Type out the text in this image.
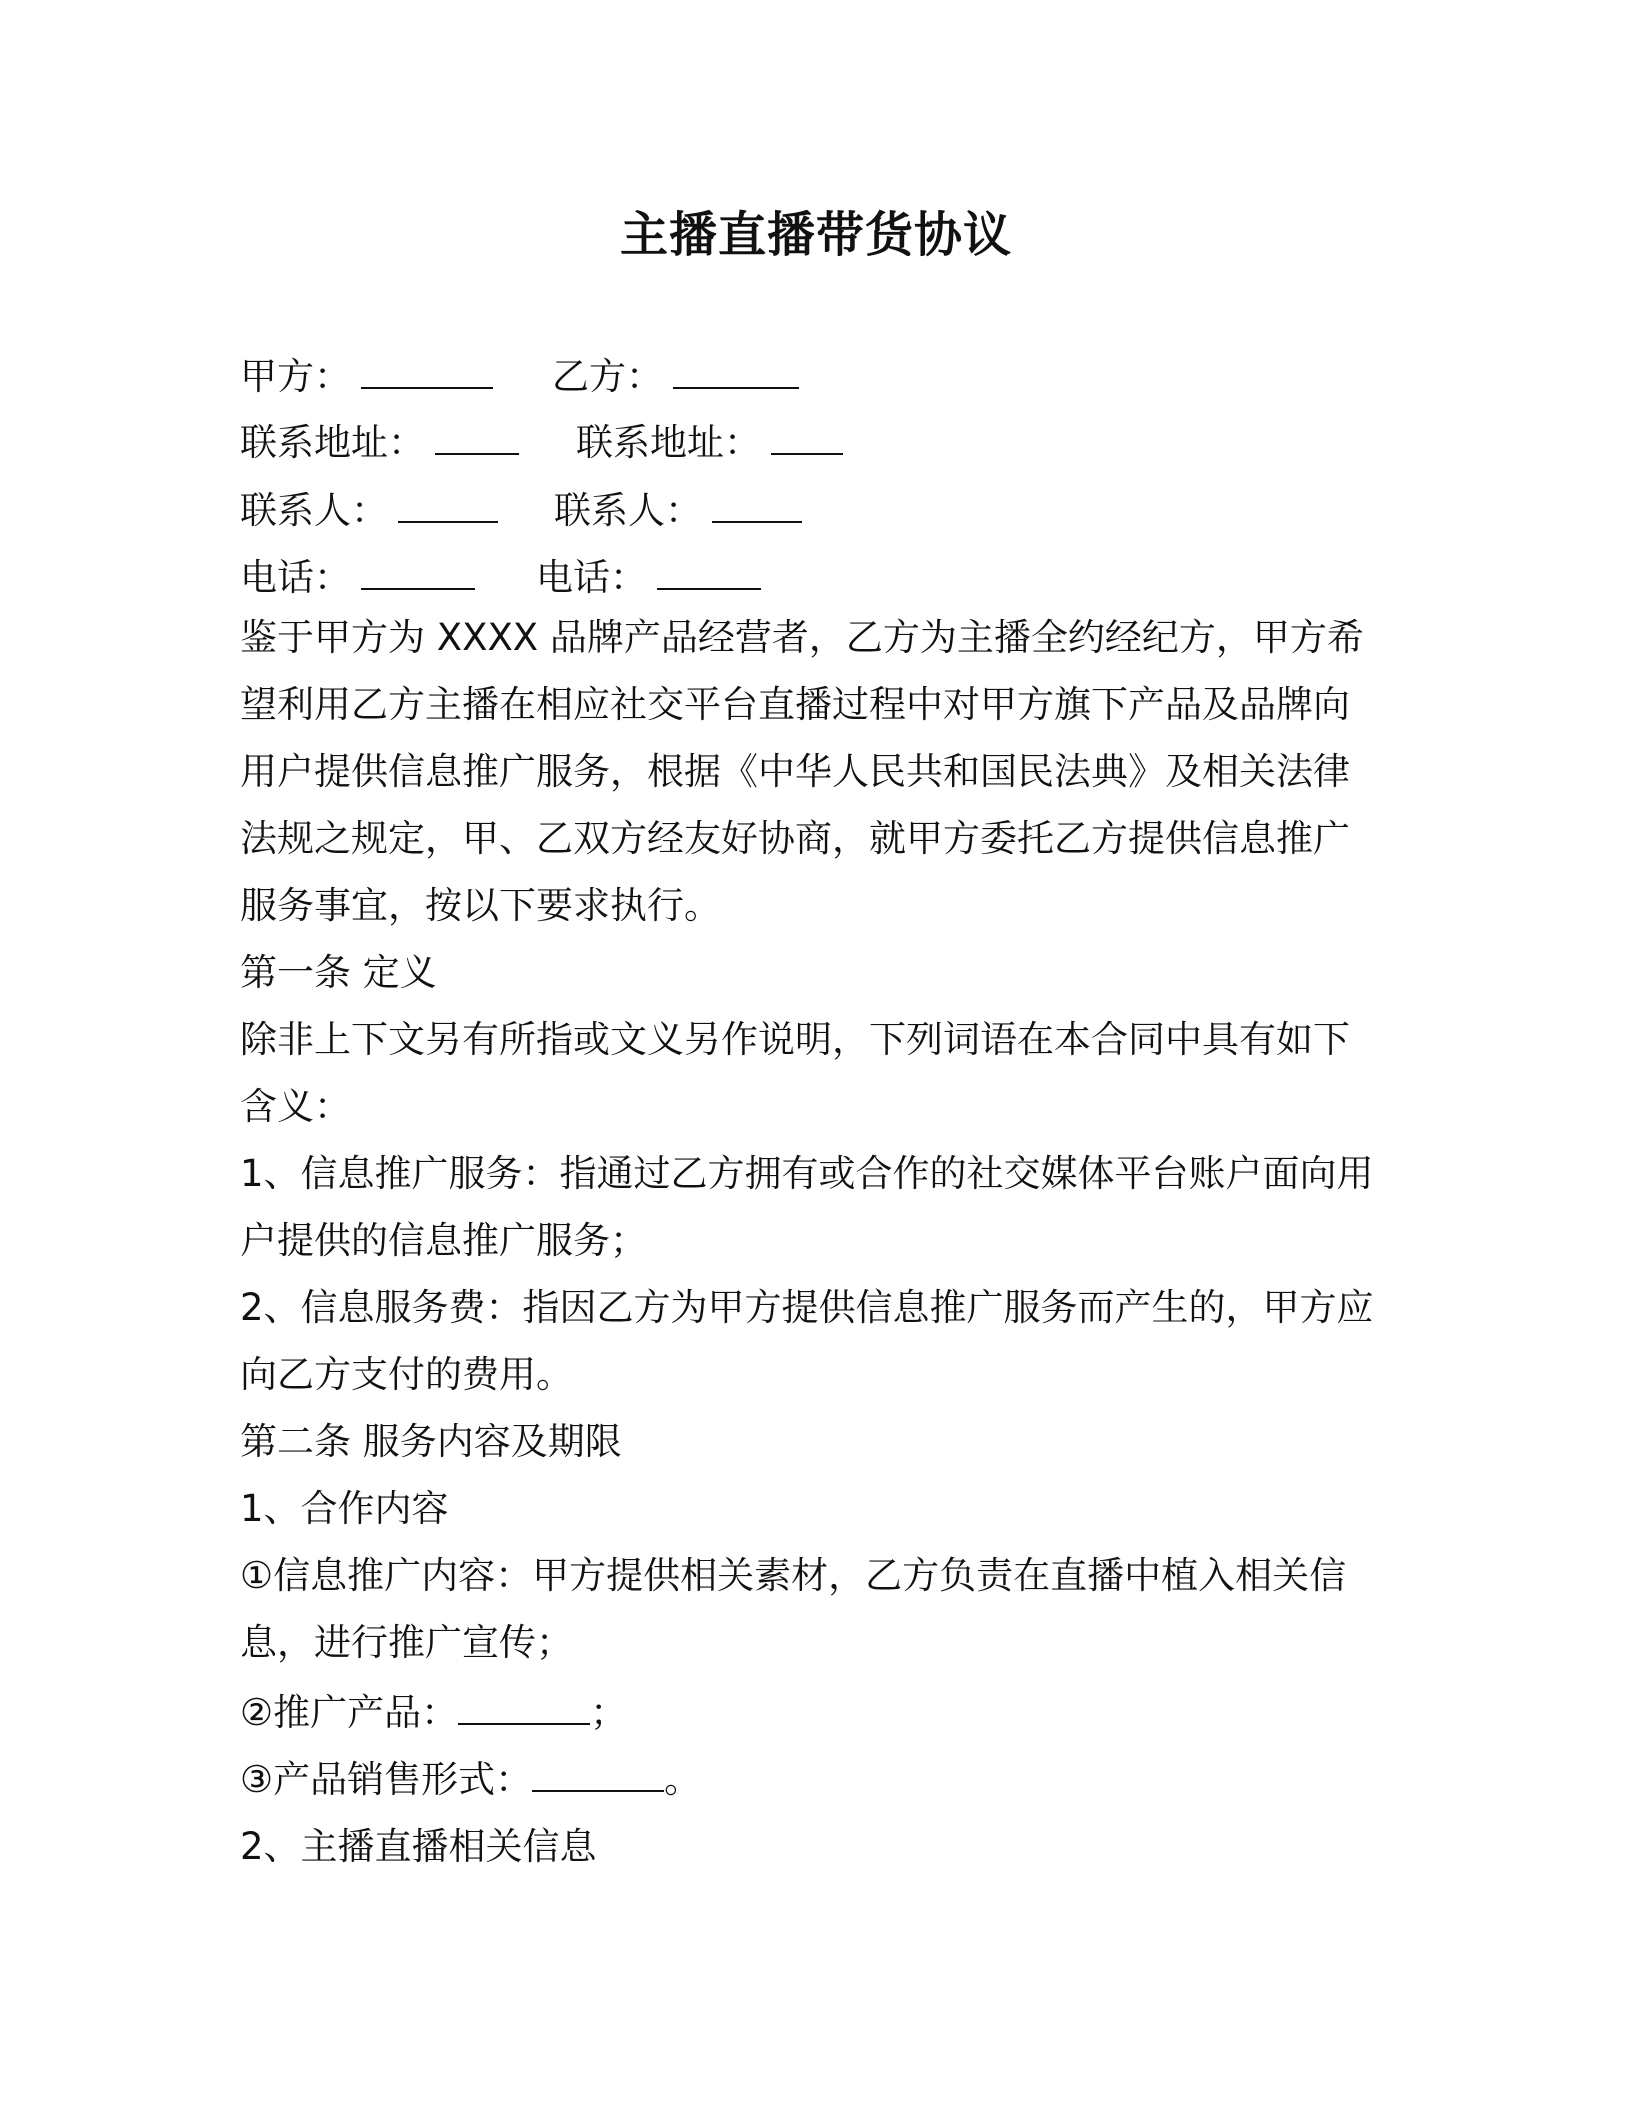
主播直播带货协议
甲方：	乙方：
联系地址：	联系地址：
联系人：	联系人：
电话：	电话：
鉴于甲方为 XXXX 品牌产品经营者，乙方为主播全约经纪方，甲方希
望利用乙方主播在相应社交平台直播过程中对甲方旗下产品及品牌向
用户提供信息推广服务，根据《中华人民共和国民法典》及相关法律
法规之规定，甲、乙双方经友好协商，就甲方委托乙方提供信息推广
服务事宜，按以下要求执行。
第一条 定义
除非上下文另有所指或文义另作说明，下列词语在本合同中具有如下
含义：
1、信息推广服务：指通过乙方拥有或合作的社交媒体平台账户面向用
户提供的信息推广服务；
2、信息服务费：指因乙方为甲方提供信息推广服务而产生的，甲方应
向乙方支付的费用。
第二条 服务内容及期限
1、合作内容
①信息推广内容：甲方提供相关素材，乙方负责在直播中植入相关信
息，进行推广宣传；
②推广产品：	；
③产品销售形式：	。
2、主播直播相关信息
